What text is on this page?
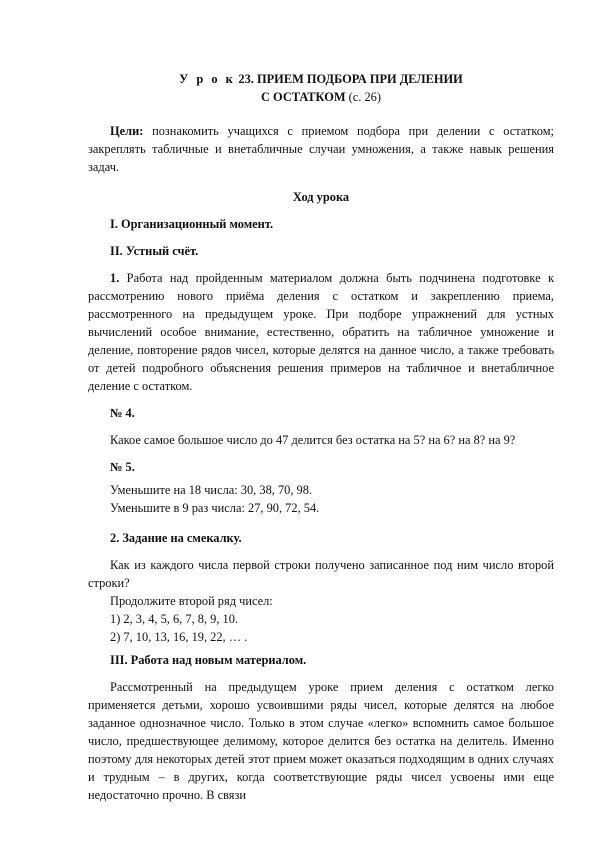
У р о к 23. ПРИЕМ ПОДБОРА ПРИ ДЕЛЕНИИ

С ОСТАТКОМ (с. 26)

Цели: познакомить учащихся с приемом подбора при делении с остатком; закреплять табличные и внетабличные случаи умножения, а также навык решения задач.

Ход урока

I. Организационный момент.

II. Устный счёт.

1. Работа над пройденным материалом должна быть подчинена подготовке к рассмотрению нового приёма деления с остатком и закреплению приема, рассмотренного на предыдущем уроке. При подборе упражнений для устных вычислений особое внимание, естественно, обратить на табличное умножение и деление, повторение рядов чисел, которые делятся на данное число, а также требовать от детей подробного объяснения решения примеров на табличное и внетабличное деление с остатком.

№ 4.

Какое самое большое число до 47 делится без остатка на 5? на 6? на 8? на 9?

№ 5.

Уменьшите на 18 числа: 30, 38, 70, 98.

Уменьшите в 9 раз числа: 27, 90, 72, 54.

2. Задание на смекалку.

Как из каждого числа первой строки получено записанное под ним число второй строки?

Продолжите второй ряд чисел:

1) 2, 3, 4, 5, 6, 7, 8, 9, 10.

2) 7, 10, 13, 16, 19, 22, … .

III. Работа над новым материалом.

Рассмотренный на предыдущем уроке прием деления с остатком легко применяется детьми, хорошо усвоившими ряды чисел, которые делятся на любое заданное однозначное число. Только в этом случае «легко» вспомнить самое большое число, предшествующее делимому, которое делится без остатка на делитель. Именно поэтому для некоторых детей этот прием может оказаться подходящим в одних случаях и трудным – в других, когда соответствующие ряды чисел усвоены ими еще недостаточно прочно. В связи
